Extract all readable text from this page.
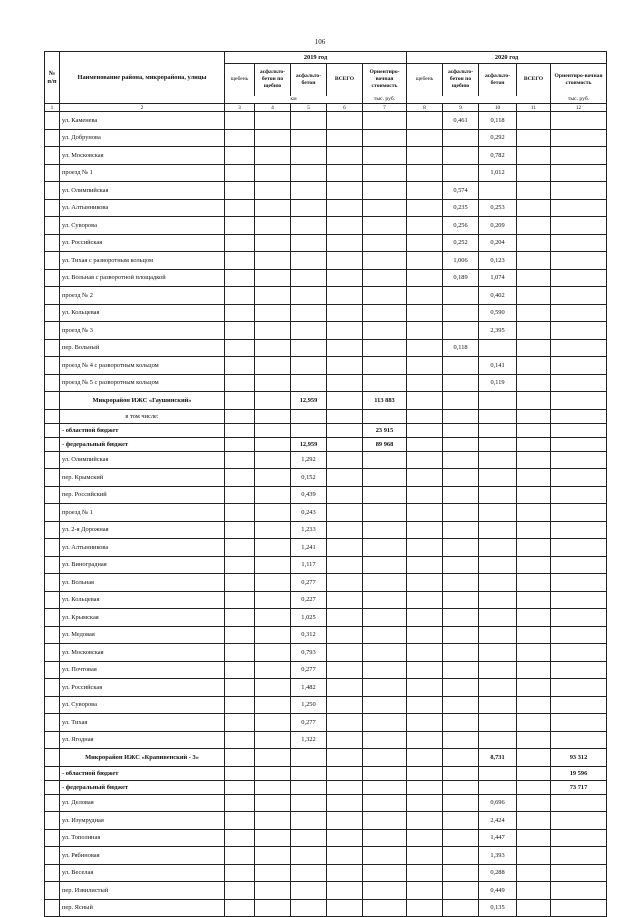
106
№ п/п	Наименование района, микрорайона, улицы	2019 год					2020 год				
		щебень	асфальто-бетон по щебню	асфальто-бетон	ВСЕГО	Ориентиро-вочная стоимость	щебень	асфальто-бетон по щебню	асфальто-бетон	ВСЕГО	Ориентиро-вочная стоимость
		км				тыс. руб.					тыс. руб.
1	2	3	4	5	6	7	8	9	10	11	12
	ул. Каменева							0,461	0,118		
	ул. Добрунова								0,292		
	ул. Московская								0,782		
	проезд № 1								1,012		
	ул. Олимпийская							0,574			
	ул. Алтынникова							0,235	0,253		
	ул. Суворова							0,256	0,209		
	ул. Российская							0,252	0,204		
	ул. Тихая с разворотным кольцом							1,006	0,123		
	ул. Вольная с разворотной площадкой							0,189	1,074		
	проезд № 2								0,402		
	ул. Кольцевая								0,590		
	проезд № 3								2,395		
	пер. Вольный							0,118			
	проезд № 4 с разворотным кольцом								0,141		
	проезд № 5 с разворотным кольцом								0,119		
	Микрорайон ИЖС «Гаушинский»			12,959		113 883					
	в том числе:										
	- областной бюджет					23 915					
	- федеральный бюджет			12,959		89 968					
	ул. Олимпийская			1,292							
	пер. Крымский			0,152							
	пер. Российский			0,439							
	проезд № 1			0,243							
	ул. 2-я Дорожная			1,233							
	ул. Алтынникова			1,241							
	ул. Виноградная			1,117							
	ул. Вольная			0,277							
	ул. Кольцевая			0,227							
	ул. Крымская			1,025							
	ул. Медовая			0,312							
	ул. Московская			0,793							
	ул. Почтовая			0,277							
	ул. Российская			1,482							
	ул. Суворова			1,250							
	ул. Тихая			0,277							
	ул. Ягодная			1,322							
	Микрорайон ИЖС «Крапивенский - 3»								8,731		93 312
	- областной бюджет										19 596
	- федеральный бюджет										73 717
	ул. Деловая								0,696		
	ул. Изумрудная								2,424		
	ул. Тополиная								1,447		
	ул. Рябиновая								1,393		
	ул. Веселая								0,288		
	пер. Извилистый								0,449		
	пер. Ясный								0,135		
